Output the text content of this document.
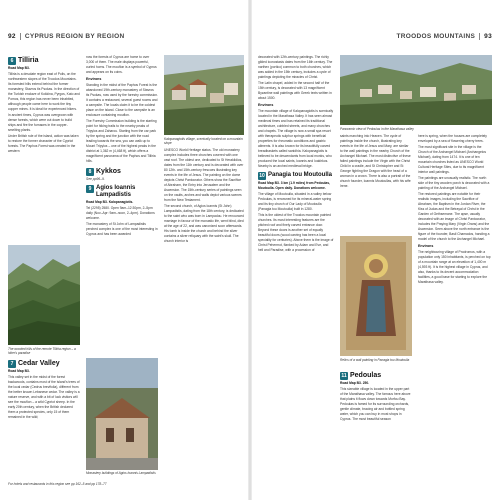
92 CYPRUS REGION BY REGION
6 Tilliria

Road Map B3.

Tilliria is a desolate region east of Polis, on the northwestern slopes of the Troodos Mountains. Its forested hills extend behind the former monastery, Stavros tis Psokas. In the direction of the Turkish enclave of Kokkina, Pyrgos, Kato and Pomos, this region has never been inhabited, although people came here to work the tiny copper mines. It is ideal for experienced hikers.

In ancient times, Cyprus was overgrown with dense forests, which were cut down to build ships and fire the furnaces in the copper-smelting plants.

Under British rule of the island, action was taken to restore the former character of the Cypriot forests. The Paphos Forest was created in the western

The wooded hills of the remote Tilliria region – a hiker's paradise
7 Cedar Valley

Road Map B3.

This valley set in the midst of the forest backwoods, contains most of the island's trees of the local cedar (Cedrus brevifolia), different from the better known Lebanese cedar. The valley is a nature reserve, and with a bit of luck visitors will see the mouflon – a wild Cypriot sheep. In the early 20th century, when the British declared them a protected species, only 15 of them remained in the wild;

now the forests of Cyprus are home to over 3,000 of them. The male displays powerful, curled horns. The mouflon is a symbol of Cyprus and appears on its coins.

Environs

Standing in the midst of the Paphos Forest is the abandoned 19th-century monastery of Stavros tis Psokas, now used by the forestry commission. It contains a restaurant, several guest rooms and a campsite. The locals claim it to be the coldest place on the island. Close to the campsite is an enclosure containing mouflon.

The Forestry Commission building is the starting point for hiking trails to the nearby peaks of Tripylos and Zaharou. Starting from the car park by the spring and the junction with the road leading towards the sea, you can walk up to Mount Tripylos – one of the highest peaks in the district at 1,362 m (4,468 ft), which offers a magnificent panorama of the Paphos and Tilliria hills.

8 Kykkos

See pp96–9.

9 Agios Ioannis Lampadistis

Road Map B3. Kalopanagiotis.

Tel (2295) 2580. Open 9am–12:30pm, 2–5pm daily (Nov–Apr: 9am–noon, 2–4pm). Donations welcome.

The monastery of St John of Lampadistis perched complex is one of the most interesting in Cyprus and has been awarded

Monastery buildings of Agios Ioannis Lampadistis
Kalopanagiotis village, scenically located on a mountain slope

UNESCO World Heritage status. The old monastery complex includes three churches covered with one vast roof. The oldest one, dedicated to St Heraklidios, dates from the 11th century and is decorated with over 80 12th- and 15th-century frescoes illustrating key events in the life of Jesus. The painting on the dome depicts Christ Pantocrator. Others show the Sacrifice of Abraham, the Entry into Jerusalem and the Ascension. The 15th-century series of paintings seen on the vaults, arches and walls depict various scenes from the New Testament.

The second church, of Agios Ioannis (St John) Lampadistis, dating from the 18th century, is dedicated to the saint who was born in Lampadou. He renounced marriage in favour of the monastic life, went blind, died at the age of 22, and was canonized soon afterwards. His tomb is inside the church and behind the silver contains a silver reliquary with the saint's skull. The church interior is

For hotels and restaurants in this region see pp 162–5 and pp 178–77
TROODOS MOUNTAINS 93

decorated with 12th-century paintings. The richly gilded iconostasis dates from the 16th century. The narthex (portico) common to both churches, which was added in the 15th century, includes a cycle of paintings depicting the miracles of Christ.

The Latin chapel, added in the second half of the 15th century, is decorated with 13 magnificent Byzantine wall paintings with Greek texts written in about 1500.

Environs

The mountain village of Kalopanagiotis is scenically located in the Marathasa Valley. It has seen almost medieval times and has retained its traditional architecture, cobbled streets, and many churches and chapels. The village is now a small spa resort with therapeutic sulphur springs with beneficial properties for rheumatic conditions and gastric ailments. It is also known for its beautifully carved breadbaskets called sanidhia. Kalopanagiotis is believed to be descendants from local monks, who produced the local saints, loannis and Ioakirkos. Nearby is an arched medieval bridge.

10 Panagia tou Moutoulla

Road Map B3. 3 km (1.9 miles) from Pedoulas, Moutoulla. Open daily. Donations welcome.

The village of Moutoulla, situated in a valley below Pedoulas, is renowned for its mineral-water spring and its tiny church of Our Lady of Moutoulla (Panagia tou Moutoulla) built in 1280.

This is the oldest of the Troodos mountain painted churches. Its most interesting features are the pitched roof and finely carved entrance door. Beyond these doors is another set of equally beautiful doors (wood carving has been a local speciality for centuries). Above them is the image of Christ Pehermot, flanked by Adam and Eve, and hell and Paradise, with a procession of

Panoramic view of Pedoulas in the Marathasa valley

saints marching into Heaven. The cycle of paintings inside the church, illustrating key events in the life of Jesus and Mary, are similar to the wall paintings in the nearby Church of the Archangel Michael. The most distinctive of these failed paintings include the Virgin with the Christ Child in a cradle, and St Christopher and St George fighting the Dragon with the head of a woman in a crown. There is also a portrait of the church founder, Ioannis Moutoullas, with his wife Irene.

Relics of a wall painting in Panagia tou Moutoulla
11 Pedoulas

Road Map B3. 250.

This sizeable village is located in the upper part of the Marathasa valley. The famous here above that plains it flows down towards Morfou Bay. Pedoulas is famed for its surrounding orchards, gentle climate, bracing air and bottled spring water, which you can buy in most shops in Cyprus. The most beautiful season

here is spring, when the houses are completely enveloped by a sea of flowering cherry trees.

The most significant site in the village is the Church of the Archangel Michael (Archangelos Michael), dating from 1474. It is one of ten mountain churches listed as UNESCO World Cultural Heritage Sites, due to its magnificent interior wall paintings.

The paintings are unusually realistic. The north side of the tiny wooden porch is decorated with a painting of the Archangel Michael.

The restored paintings are notable for their realistic images, including the Sacrifice of Abraham, the Baptism in the Jordan River, the Kiss of Judas and the Betrayal of Christ in the Garden of Gethsemane. The apse, usually decorated with an image of Christ Pantocrator, includes the Praying Mary (Virgin Orans) and the Ascension. Seen above the north entrance is the figure of the founder, Basil Chamados, handing a model of the church to the Archangel Michael.

Environs

The neighbouring village of Prodromos, with a population only 150 inhabitants, is perched on top of a mountain range at an elevation of 1,400 m (4,593 ft). It is the highest village in Cyprus, and also, thanks to its decent accommodation facilities, a good base for starting to explore the Marathasa valley.
